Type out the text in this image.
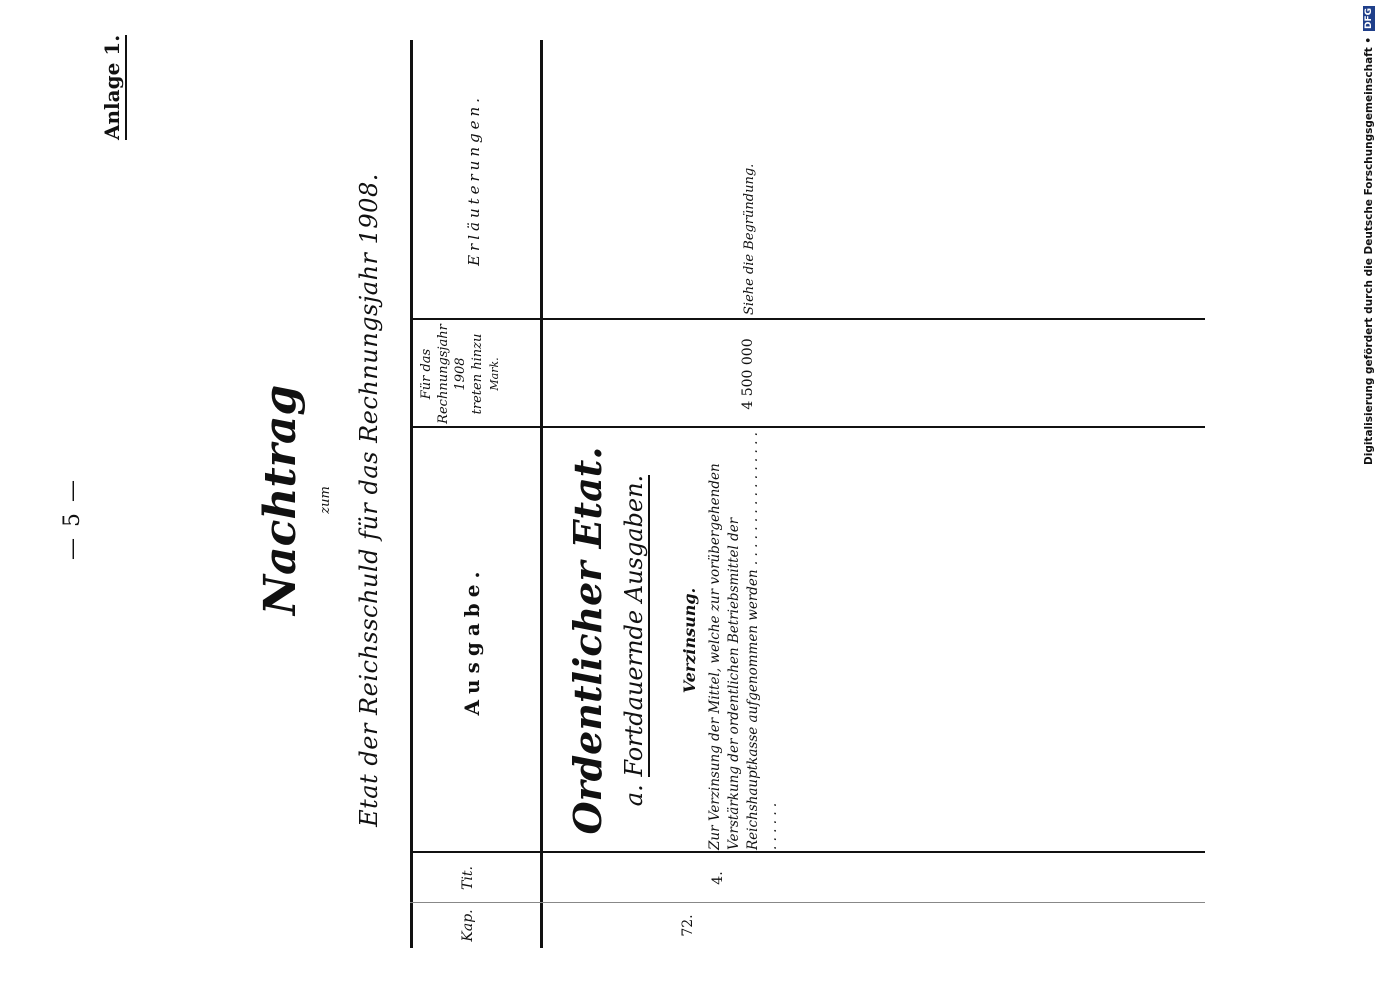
— 5 —
Anlage 1.
Nachtrag zum Etat der Reichsschuld für das Rechnungsjahr 1908.
Kap.
Tit.
Ausgabe.
Für das Rechnungsjahr 1908 treten hinzu Mark.
Erläuterungen.
Ordentlicher Etat. a. Fortdauernde Ausgaben. Verzinsung.
72.
4.
Zur Verzinsung der Mittel, welche zur vorübergehenden Verstärkung der ordentlichen Betriebsmittel der Reichshauptkasse aufgenommen werden . . . . . . . . . . . . . . . . . . . . . .
4 500 000
Siehe die Begründung.	Digitalisierung gefördert durch die Deutsche Forschungsgemeinschaft • DFG
